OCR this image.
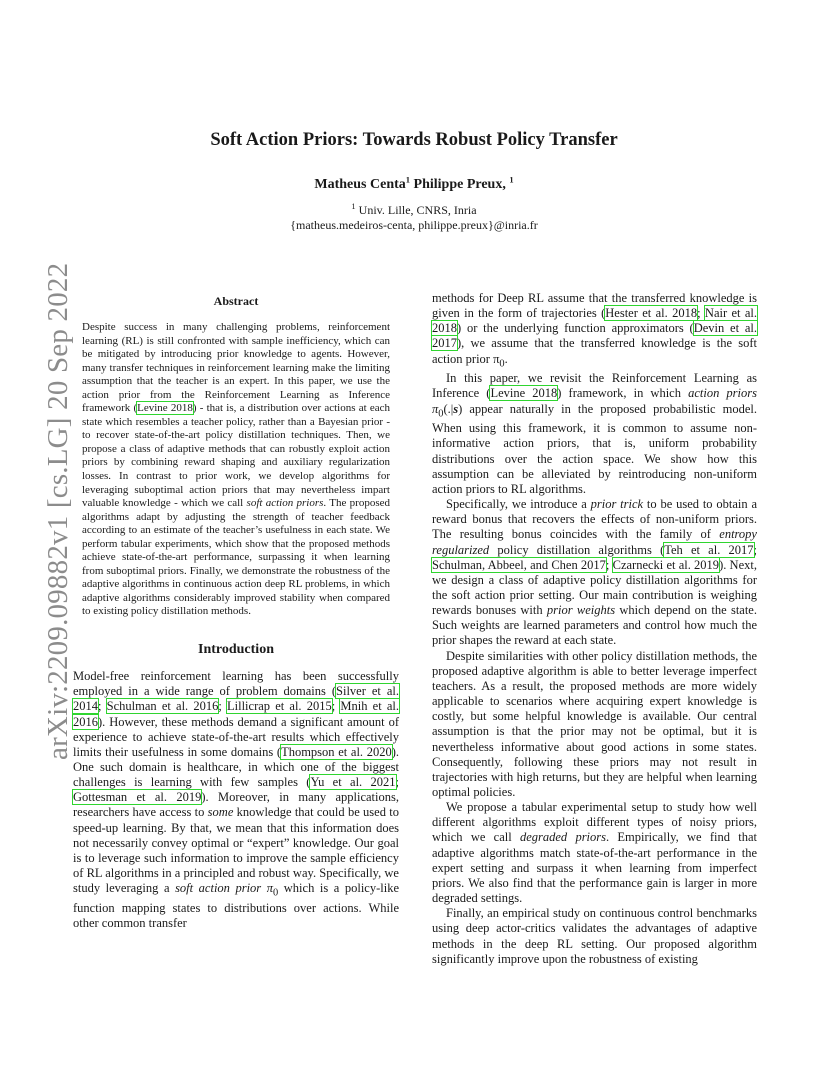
arXiv:2209.09882v1 [cs.LG] 20 Sep 2022
Soft Action Priors: Towards Robust Policy Transfer
Matheus Centa$^1$ Philippe Preux, $^1$
$^1$ Univ. Lille, CNRS, Inria
{matheus.medeiros-centa, philippe.preux}@inria.fr
Abstract

Despite success in many challenging problems, reinforcement learning (RL) is still confronted with sample inefficiency, which can be mitigated by introducing prior knowledge to agents. However, many transfer techniques in reinforcement learning make the limiting assumption that the teacher is an expert. In this paper, we use the action prior from the Reinforcement Learning as Inference framework (Levine 2018) - that is, a distribution over actions at each state which resembles a teacher policy, rather than a Bayesian prior - to recover state-of-the-art policy distillation techniques. Then, we propose a class of adaptive methods that can robustly exploit action priors by combining reward shaping and auxiliary regularization losses. In contrast to prior work, we develop algorithms for leveraging suboptimal action priors that may nevertheless impart valuable knowledge - which we call soft action priors. The proposed algorithms adapt by adjusting the strength of teacher feedback according to an estimate of the teacher’s usefulness in each state. We perform tabular experiments, which show that the proposed methods achieve state-of-the-art performance, surpassing it when learning from suboptimal priors. Finally, we demonstrate the robustness of the adaptive algorithms in continuous action deep RL problems, in which adaptive algorithms considerably improved stability when compared to existing policy distillation methods.

Introduction

Model-free reinforcement learning has been successfully employed in a wide range of problem domains (Silver et al. 2014; Schulman et al. 2016; Lillicrap et al. 2015; Mnih et al. 2016). However, these methods demand a significant amount of experience to achieve state-of-the-art results which effectively limits their usefulness in some domains (Thompson et al. 2020). One such domain is healthcare, in which one of the biggest challenges is learning with few samples (Yu et al. 2021; Gottesman et al. 2019). Moreover, in many applications, researchers have access to some knowledge that could be used to speed-up learning. By that, we mean that this information does not necessarily convey optimal or “expert” knowledge. Our goal is to leverage such information to improve the sample efficiency of RL algorithms in a principled and robust way. Specifically, we study leveraging a soft action prior $\pi_0$ which is a policy-like function mapping states to distributions over actions. While other common transfer

methods for Deep RL assume that the transferred knowledge is given in the form of trajectories (Hester et al. 2018; Nair et al. 2018) or the underlying function approximators (Devin et al. 2017), we assume that the transferred knowledge is the soft action prior $\pi_0$.

In this paper, we revisit the Reinforcement Learning as Inference (Levine 2018) framework, in which action priors $\pi_0(.|s)$ appear naturally in the proposed probabilistic model. When using this framework, it is common to assume non-informative action priors, that is, uniform probability distributions over the action space. We show how this assumption can be alleviated by reintroducing non-uniform action priors to RL algorithms.

Specifically, we introduce a prior trick to be used to obtain a reward bonus that recovers the effects of non-uniform priors. The resulting bonus coincides with the family of entropy regularized policy distillation algorithms (Teh et al. 2017; Schulman, Abbeel, and Chen 2017; Czarnecki et al. 2019). Next, we design a class of adaptive policy distillation algorithms for the soft action prior setting. Our main contribution is weighing rewards bonuses with prior weights which depend on the state. Such weights are learned parameters and control how much the prior shapes the reward at each state.

Despite similarities with other policy distillation methods, the proposed adaptive algorithm is able to better leverage imperfect teachers. As a result, the proposed methods are more widely applicable to scenarios where acquiring expert knowledge is costly, but some helpful knowledge is available. Our central assumption is that the prior may not be optimal, but it is nevertheless informative about good actions in some states. Consequently, following these priors may not result in trajectories with high returns, but they are helpful when learning optimal policies.

We propose a tabular experimental setup to study how well different algorithms exploit different types of noisy priors, which we call degraded priors. Empirically, we find that adaptive algorithms match state-of-the-art performance in the expert setting and surpass it when learning from imperfect priors. We also find that the performance gain is larger in more degraded settings.

Finally, an empirical study on continuous control benchmarks using deep actor-critics validates the advantages of adaptive methods in the deep RL setting. Our proposed algorithm significantly improve upon the robustness of existing
